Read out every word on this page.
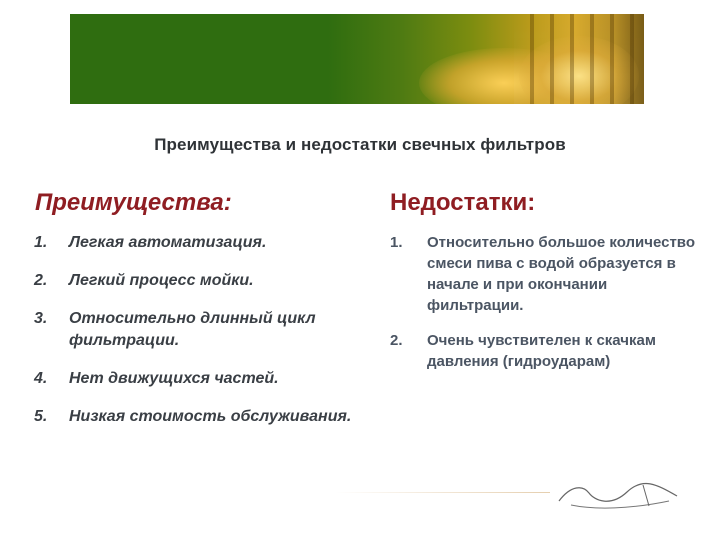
Преимущества и недостатки свечных фильтров
Преимущества:	Недостатки:
1.	Легкая автоматизация.
2.	Легкий процесс мойки.
3.	Относительно длинный цикл фильтрации.
4.	Нет движущихся частей.
5.	Низкая стоимость обслуживания.
1.	Относительно большое количество смеси пива с водой образуется в начале и при окончании фильтрации.
2.	Очень чувствителен к скачкам давления (гидроударам)
